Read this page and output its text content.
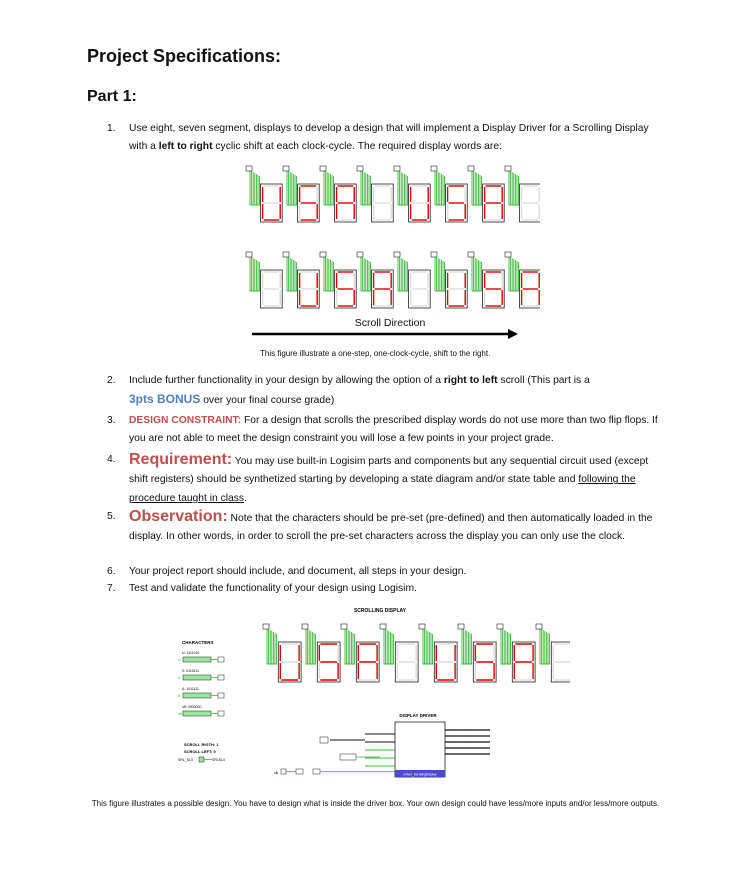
Project Specifications:
Part 1:
1. Use eight, seven segment, displays to develop a design that will implement a Display Driver for a Scrolling Display with a left to right cyclic shift at each clock-cycle. The required display words are:
Scroll Direction
This figure illustrate a one-step, one-clock-cycle, shift to the right.
2. Include further functionality in your design by allowing the option of a right to left scroll (This part is a
3pts BONUS over your final course grade)
3. DESIGN CONSTRAINT: For a design that scrolls the prescribed display words do not use more than two flip flops. If you are not able to meet the design constraint you will lose a few points in your project grade.
4. Requirement: You may use built-in Logisim parts and components but any sequential circuit used (except shift registers) should be synthetized starting by developing a state diagram and/or state table and following the procedure taught in class.
5. Observation: Note that the characters should be pre-set (pre-defined) and then automatically loaded in the display. In other words, in order to scroll the pre-set characters across the display you can only use the clock.
6. Your project report should include, and document, all steps in your design.
7. Test and validate the functionality of your design using Logisim.
SCROLLING DISPLAY
CHARACTERS
U: 1111010
U
S: 0110111
S
A: 1011111
A
off: 0000000
off
SCROLL RIGTH: 1
SCROLL LEFT: 0
SRL_SL0	SR1SL0
DISPLAY DRIVER
Driver_ScrollingDisplay
clk
This figure illustrates a possible design. You have to design what is inside the driver box. Your own design could have less/more inputs and/or less/more outputs.
